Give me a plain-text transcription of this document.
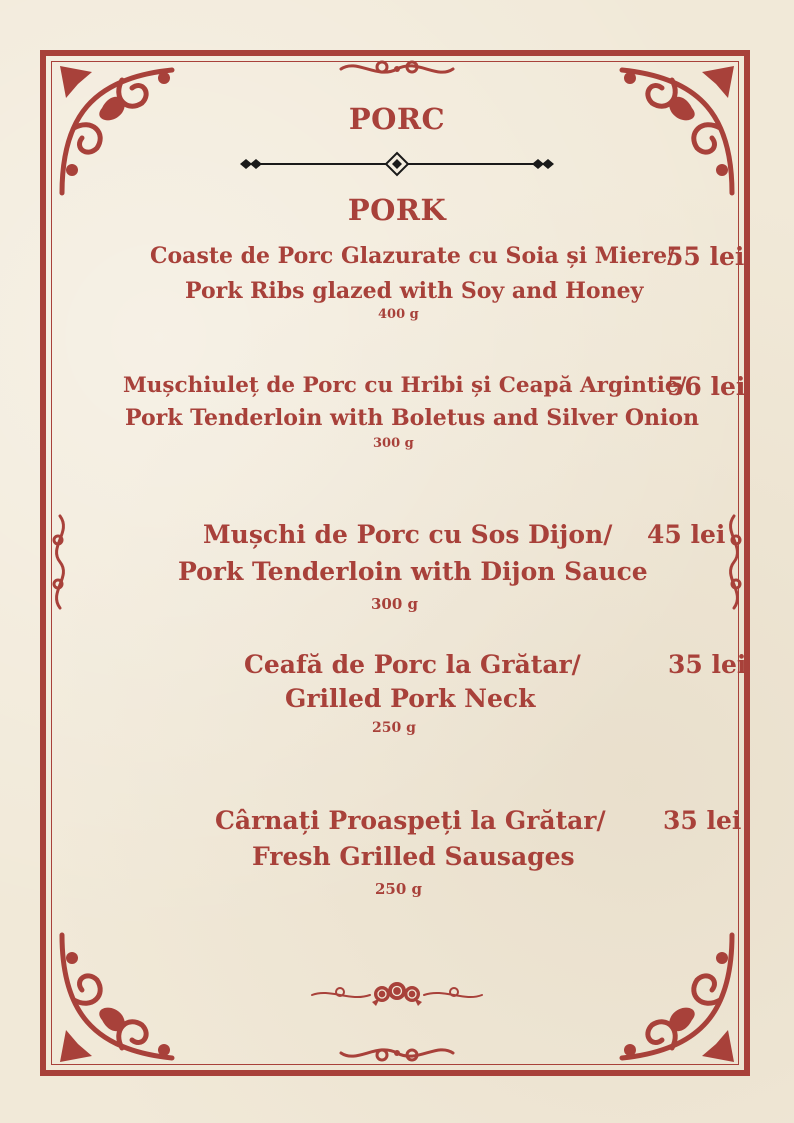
PORC
PORK
Coaste de Porc Glazurate cu Soia și Miere/
Pork Ribs glazed with Soy and Honey
400 g
55 lei
Mușchiuleț de Porc cu Hribi și Ceapă Argintie/
Pork Tenderloin with Boletus and Silver Onion
300 g
56 lei
Mușchi de Porc cu Sos Dijon/
Pork Tenderloin with Dijon Sauce
300 g
45 lei
Ceafă de Porc la Grătar/
Grilled Pork Neck
250 g
35 lei
Cârnați Proaspeți la Grătar/
Fresh Grilled Sausages
250 g
35 lei
